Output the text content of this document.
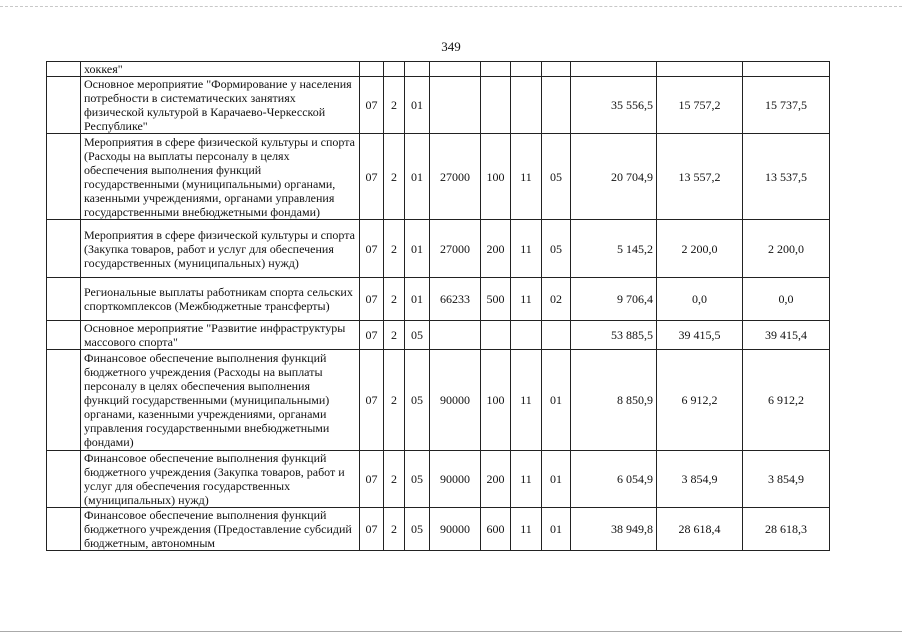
349
	хоккея"										
	Основное мероприятие "Формирование у населения потребности в систематических занятиях физической культурой в Карачаево-Черкесской Республике"	07	2	01					35 556,5	15 757,2	15 737,5
	Мероприятия в сфере физической культуры и спорта (Расходы на выплаты персоналу в целях обеспечения выполнения функций государственными (муниципальными) органами, казенными учреждениями, органами управления государственными внебюджетными фондами)	07	2	01	27000	100	11	05	20 704,9	13 557,2	13 537,5
	Мероприятия в сфере физической культуры и спорта (Закупка товаров, работ и услуг для обеспечения государственных (муниципальных) нужд)	07	2	01	27000	200	11	05	5 145,2	2 200,0	2 200,0
	Региональные выплаты работникам спорта сельских спорткомплексов (Межбюджетные трансферты)	07	2	01	66233	500	11	02	9 706,4	0,0	0,0
	Основное мероприятие "Развитие инфраструктуры массового спорта"	07	2	05					53 885,5	39 415,5	39 415,4
	Финансовое обеспечение выполнения функций бюджетного учреждения (Расходы на выплаты персоналу в целях обеспечения выполнения функций государственными (муниципальными) органами, казенными учреждениями, органами управления государственными внебюджетными фондами)	07	2	05	90000	100	11	01	8 850,9	6 912,2	6 912,2
	Финансовое обеспечение выполнения функций бюджетного учреждения (Закупка товаров, работ и услуг для обеспечения государственных (муниципальных) нужд)	07	2	05	90000	200	11	01	6 054,9	3 854,9	3 854,9
	Финансовое обеспечение выполнения функций бюджетного учреждения (Предоставление субсидий бюджетным, автономным	07	2	05	90000	600	11	01	38 949,8	28 618,4	28 618,3
